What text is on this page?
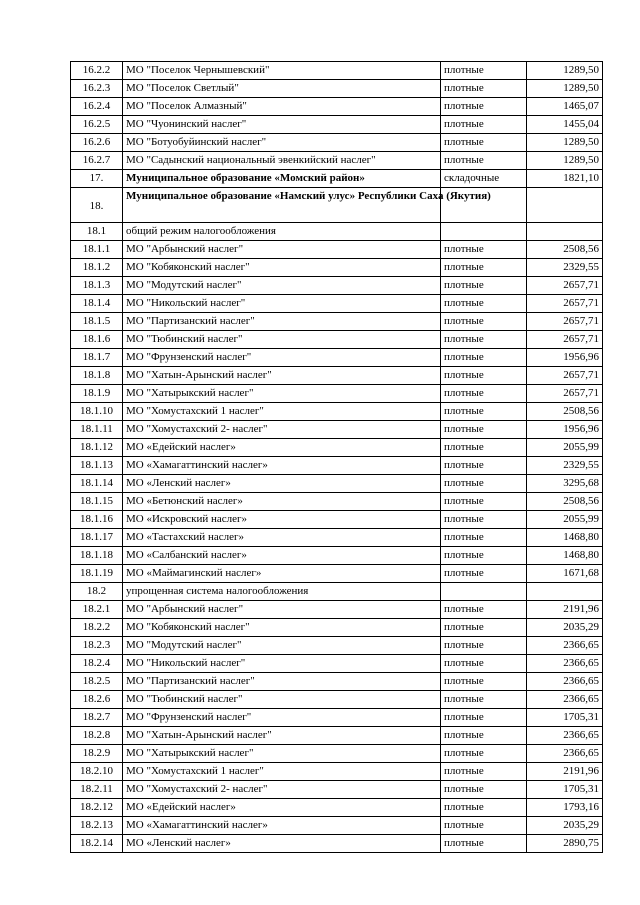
16.2.2	МО "Поселок Чернышевский"	плотные	1289,50
16.2.3	МО "Поселок Светлый"	плотные	1289,50
16.2.4	МО "Поселок Алмазный"	плотные	1465,07
16.2.5	МО "Чуонинский наслег"	плотные	1455,04
16.2.6	МО "Ботуобуйинский наслег"	плотные	1289,50
16.2.7	МО "Садынский национальный эвенкийский наслег"	плотные	1289,50
17.	Муниципальное образование «Момский район»	складочные	1821,10
18.	Муниципальное образование «Намский улус» Республики Саха (Якутия)		
18.1	общий режим налогообложения		
18.1.1	МО "Арбынский наслег"	плотные	2508,56
18.1.2	МО "Кобяконский наслег"	плотные	2329,55
18.1.3	МО "Модутский наслег"	плотные	2657,71
18.1.4	МО "Никольский наслег"	плотные	2657,71
18.1.5	МО "Партизанский наслег"	плотные	2657,71
18.1.6	МО "Тюбинский наслег"	плотные	2657,71
18.1.7	МО "Фрунзенский наслег"	плотные	1956,96
18.1.8	МО "Хатын-Арынский наслег"	плотные	2657,71
18.1.9	МО "Хатырыкский наслег"	плотные	2657,71
18.1.10	МО "Хомустахский 1 наслег"	плотные	2508,56
18.1.11	МО "Хомустахский 2- наслег"	плотные	1956,96
18.1.12	МО «Едейский наслег»	плотные	2055,99
18.1.13	МО «Хамагаттинский наслег»	плотные	2329,55
18.1.14	МО «Ленский наслег»	плотные	3295,68
18.1.15	МО «Бетюнский наслег»	плотные	2508,56
18.1.16	МО «Искровский наслег»	плотные	2055,99
18.1.17	МО «Тастахский наслег»	плотные	1468,80
18.1.18	МО «Салбанский наслег»	плотные	1468,80
18.1.19	МО «Маймагинский наслег»	плотные	1671,68
18.2	упрощенная система налогообложения		
18.2.1	МО "Арбынский наслег"	плотные	2191,96
18.2.2	МО "Кобяконский наслег"	плотные	2035,29
18.2.3	МО "Модутский наслег"	плотные	2366,65
18.2.4	МО "Никольский наслег"	плотные	2366,65
18.2.5	МО "Партизанский наслег"	плотные	2366,65
18.2.6	МО "Тюбинский наслег"	плотные	2366,65
18.2.7	МО "Фрунзенский наслег"	плотные	1705,31
18.2.8	МО "Хатын-Арынский наслег"	плотные	2366,65
18.2.9	МО "Хатырыкский наслег"	плотные	2366,65
18.2.10	МО "Хомустахский 1 наслег"	плотные	2191,96
18.2.11	МО "Хомустахский 2- наслег"	плотные	1705,31
18.2.12	МО «Едейский наслег»	плотные	1793,16
18.2.13	МО «Хамагаттинский наслег»	плотные	2035,29
18.2.14	МО «Ленский наслег»	плотные	2890,75
